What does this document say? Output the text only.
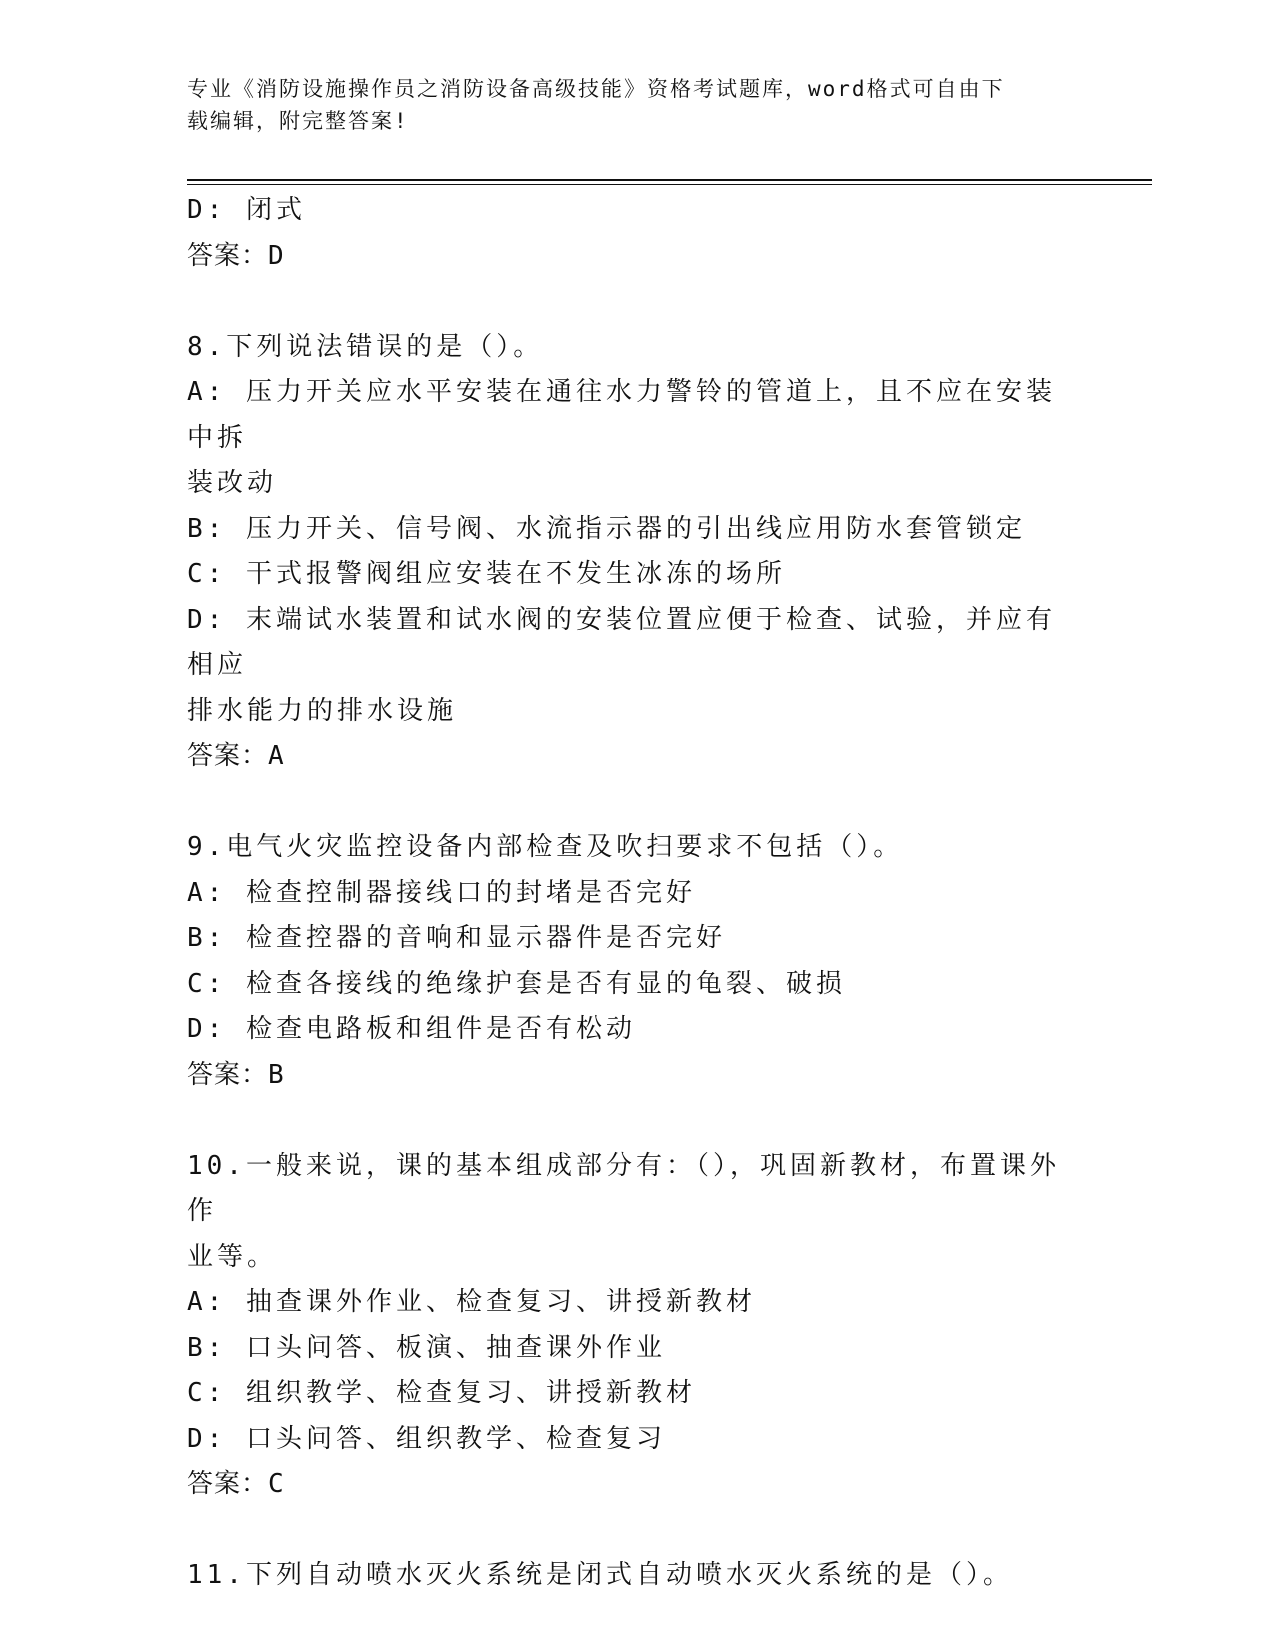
专业《消防设施操作员之消防设备高级技能》资格考试题库，word格式可自由下
载编辑，附完整答案!
D: 闭式
答案：D
8.下列说法错误的是（）。
A: 压力开关应水平安装在通往水力警铃的管道上，且不应在安装中拆
装改动
B: 压力开关、信号阀、水流指示器的引出线应用防水套管锁定
C: 干式报警阀组应安装在不发生冰冻的场所
D: 末端试水装置和试水阀的安装位置应便于检查、试验，并应有相应
排水能力的排水设施
答案：A
9.电气火灾监控设备内部检查及吹扫要求不包括（）。
A: 检查控制器接线口的封堵是否完好
B: 检查控器的音响和显示器件是否完好
C: 检查各接线的绝缘护套是否有显的龟裂、破损
D: 检查电路板和组件是否有松动
答案：B
10.一般来说，课的基本组成部分有：（），巩固新教材，布置课外作
业等。
A: 抽查课外作业、检查复习、讲授新教材
B: 口头问答、板演、抽查课外作业
C: 组织教学、检查复习、讲授新教材
D: 口头问答、组织教学、检查复习
答案：C
11.下列自动喷水灭火系统是闭式自动喷水灭火系统的是（）。
